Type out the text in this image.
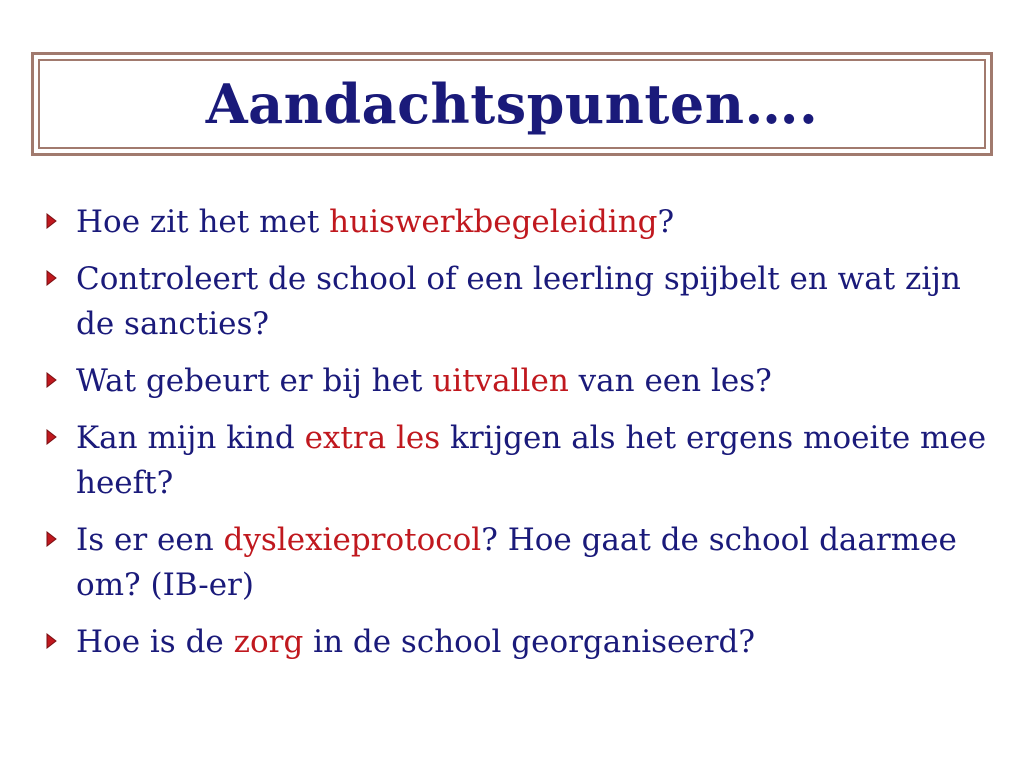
Aandachtspunten….
Hoe zit het met huiswerkbegeleiding?
Controleert de school of een leerling spijbelt en wat zijn de sancties?
Wat gebeurt er bij het uitvallen van een les?
Kan mijn kind extra les krijgen als het ergens moeite mee heeft?
Is er een dyslexieprotocol? Hoe gaat de school daarmee om? (IB-er)
Hoe is de zorg in de school georganiseerd?
